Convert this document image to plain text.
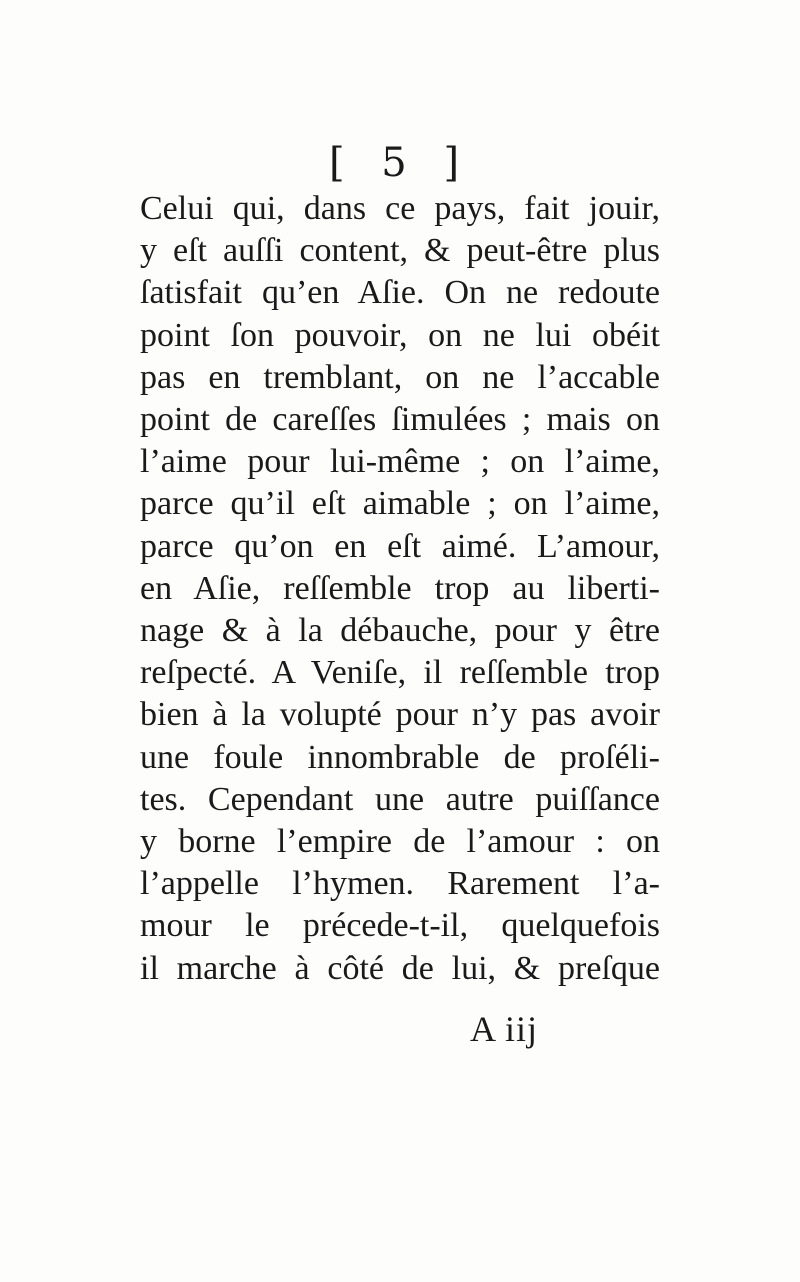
[ 5 ]
Celui qui, dans ce pays, fait jouir,
y eſt auſſi content, & peut-être plus
ſatisfait qu’en Aſie. On ne redoute
point ſon pouvoir, on ne lui obéit
pas en tremblant, on ne l’accable
point de careſſes ſimulées ; mais on
l’aime pour lui-même ; on l’aime,
parce qu’il eſt aimable ; on l’aime,
parce qu’on en eſt aimé. L’amour,
en Aſie, reſſemble trop au liberti-
nage & à la débauche, pour y être
reſpecté. A Veniſe, il reſſemble trop
bien à la volupté pour n’y pas avoir
une foule innombrable de proſéli-
tes. Cependant une autre puiſſance
y borne l’empire de l’amour : on
l’appelle l’hymen. Rarement l’a-
mour le précede-t-il, quelquefois
il marche à côté de lui, & preſque
A iij
